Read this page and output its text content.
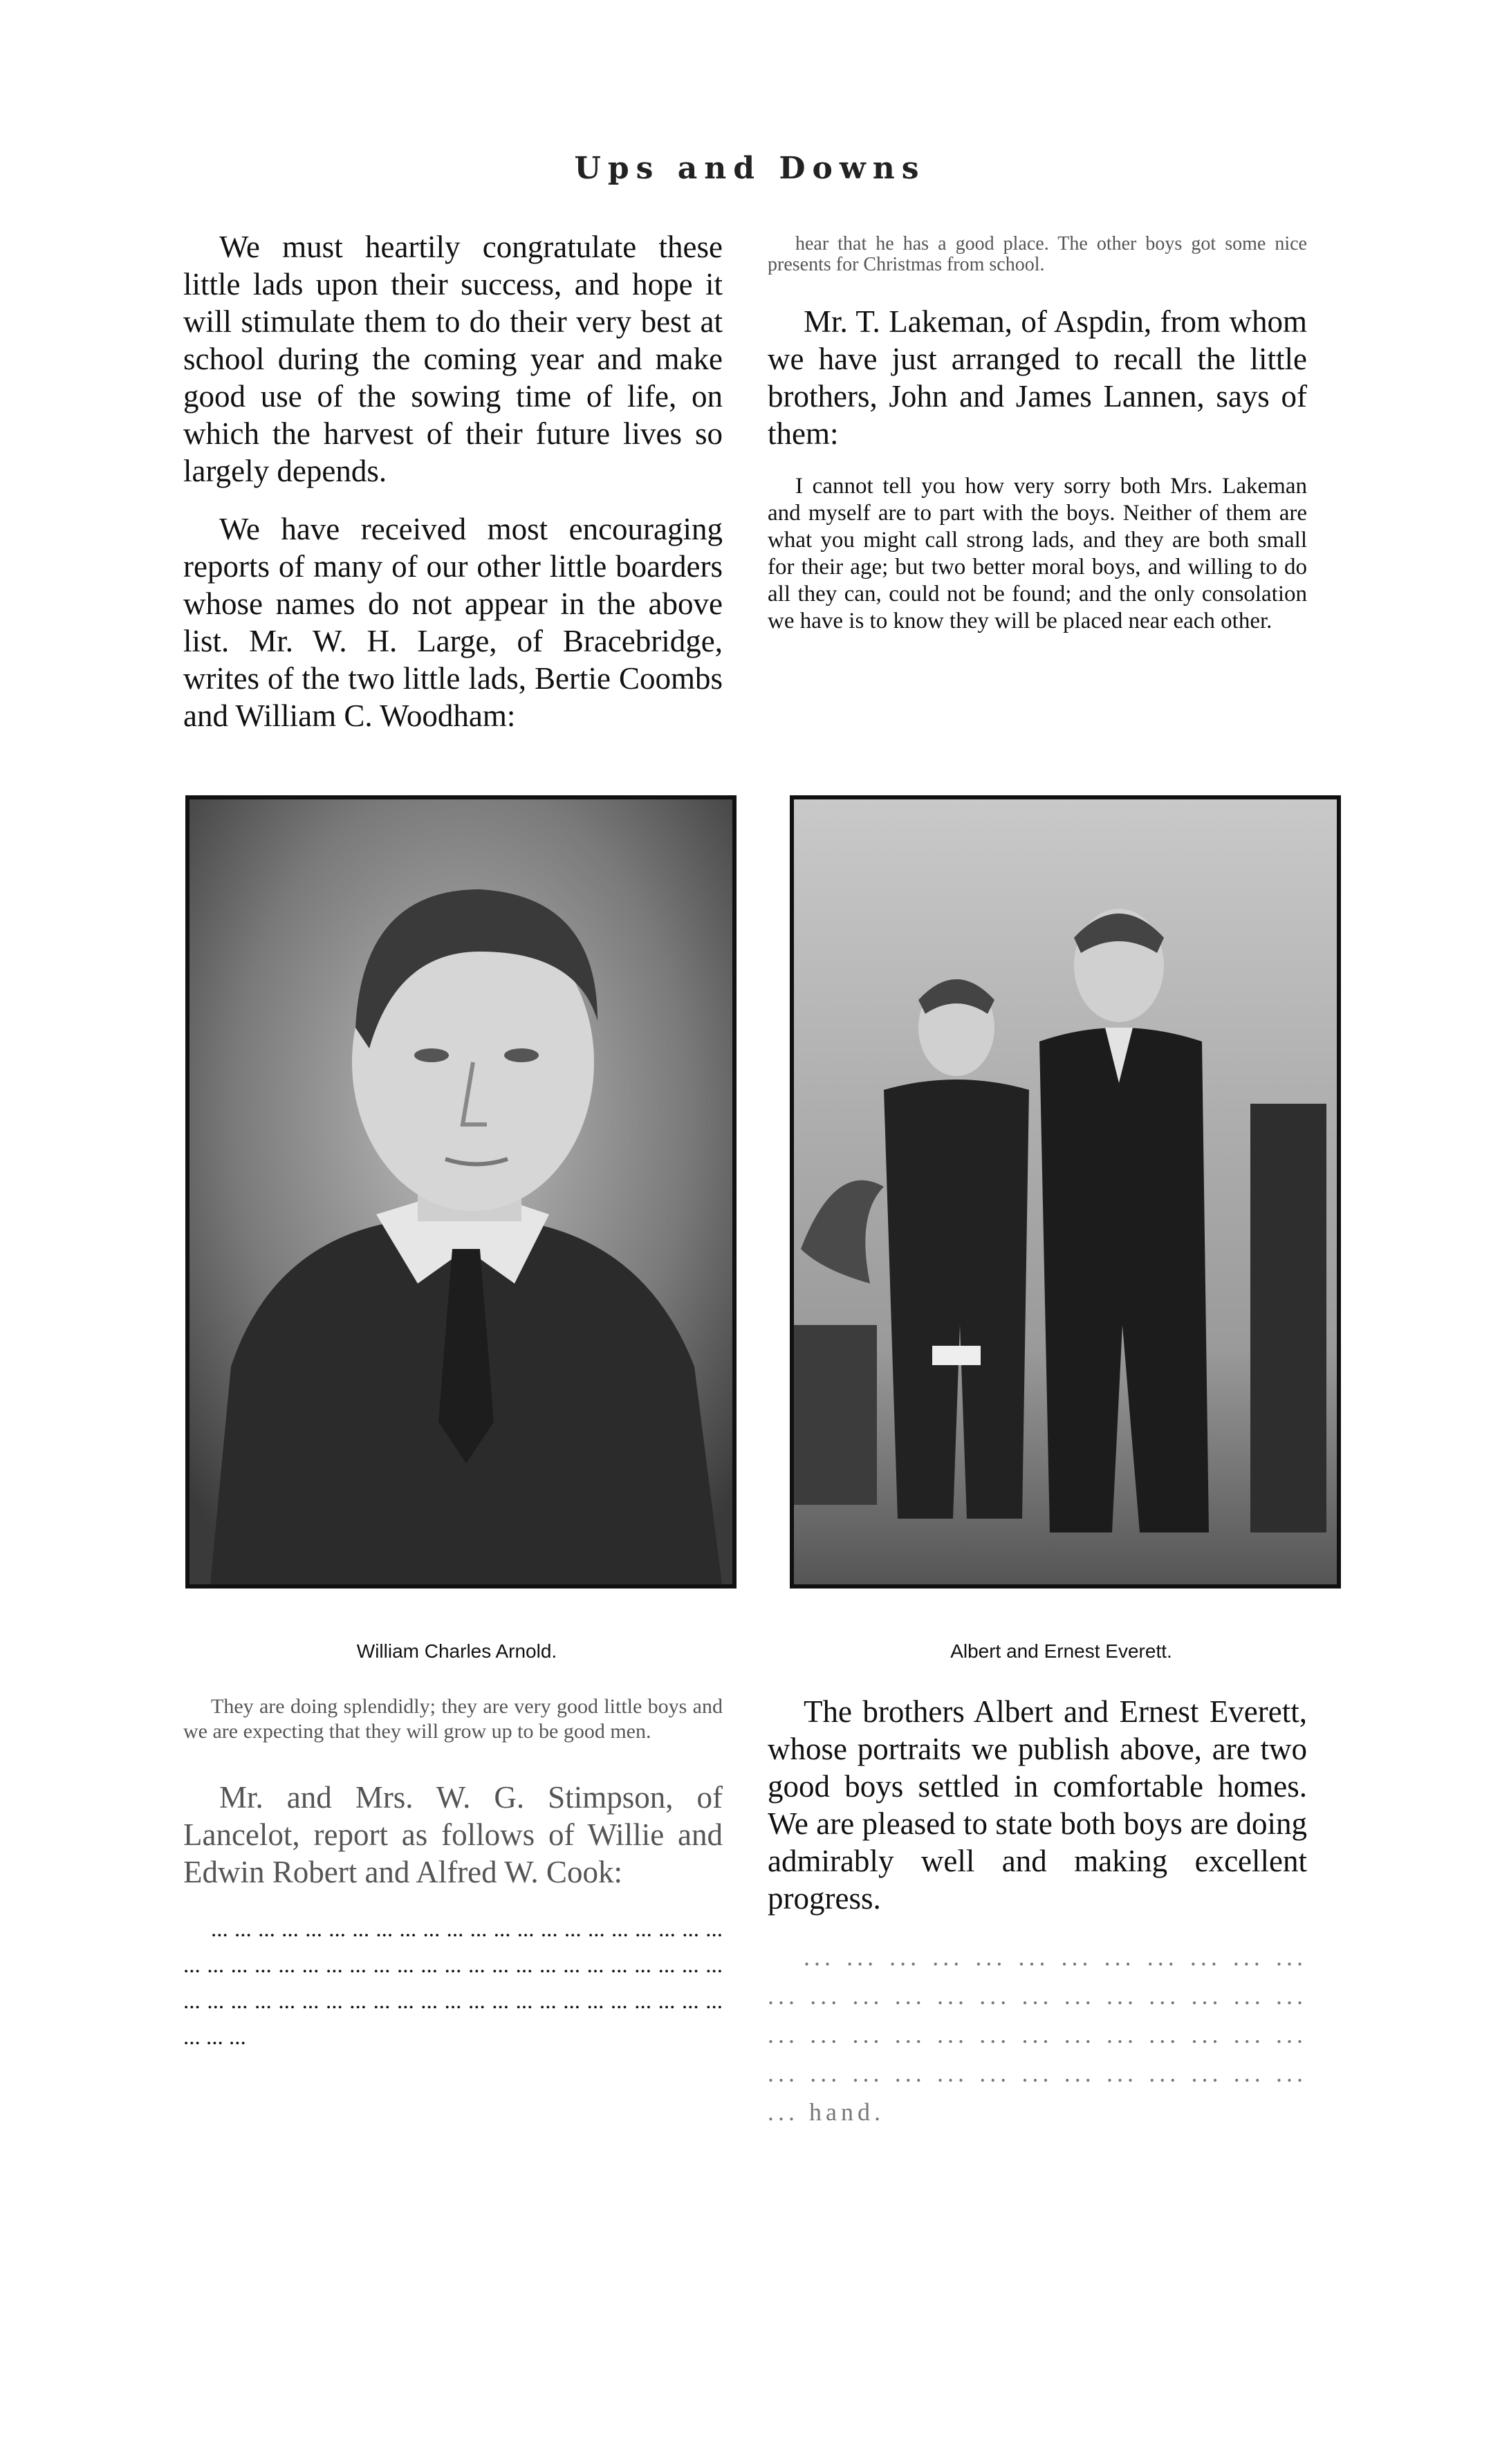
Ups and Downs

We must heartily congratulate these little lads upon their success, and hope it will stimulate them to do their very best at school during the coming year and make good use of the sowing time of life, on which the harvest of their future lives so largely depends.

We have received most encouraging reports of many of our other little boarders whose names do not appear in the above list. Mr. W. H. Large, of Bracebridge, writes of the two little lads, Bertie Coombs and William C. Woodham:

hear that he has a good place. The other boys got some nice presents for Christmas from school.

Mr. T. Lakeman, of Aspdin, from whom we have just arranged to recall the little brothers, John and James Lannen, says of them:

I cannot tell you how very sorry both Mrs. Lakeman and myself are to part with the boys. Neither of them are what you might call strong lads, and they are both small for their age; but two better moral boys, and willing to do all they can, could not be found; and the only consolation we have is to know they will be placed near each other.

William Charles Arnold.	Albert and Ernest Everett.

They are doing splendidly; they are very good little boys and we are expecting that they will grow up to be good men.

Mr. and Mrs. W. G. Stimpson, of Lancelot, report as follows of Willie and Edwin Robert and Alfred W. Cook:

... ... ... ... ... ... ... ... ... ... ... ... ... ... ... ... ... ... ... ... ... ... ... ... ... ... ... ... ... ... ... ... ... ... ... ... ... ... ... ... ... ... ... ... ... ... ... ... ... ... ... ... ... ... ... ... ... ... ... ... ... ... ... ... ... ... ... ... ... ... ...

The brothers Albert and Ernest Everett, whose portraits we publish above, are two good boys settled in comfortable homes. We are pleased to state both boys are doing admirably well and making excellent progress.

... ... ... ... ... ... ... ... ... ... ... ... ... ... ... ... ... ... ... ... ... ... ... ... ... ... ... ... ... ... ... ... ... ... ... ... ... ... ... ... ... ... ... ... ... ... ... ... ... ... ... ... hand.
